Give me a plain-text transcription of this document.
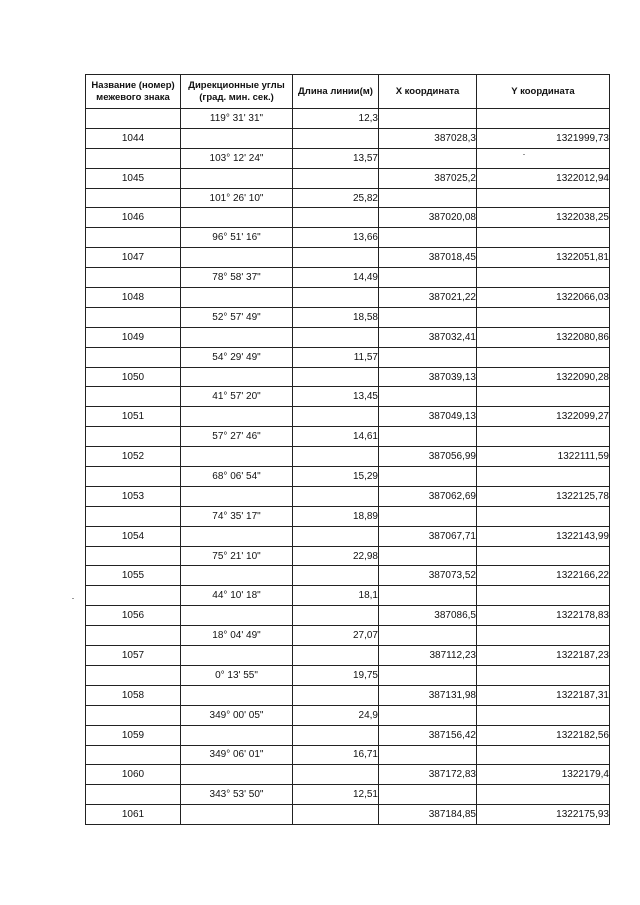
Название (номер) межевого знака	Дирекционные углы (град. мин. сек.)	Длина линии(м)	X координата	Y координата
	119° 31' 31"	12,3		
1044			387028,3	1321999,73
	103° 12' 24"	13,57		
1045			387025,2	1322012,94
	101° 26' 10"	25,82		
1046			387020,08	1322038,25
	96° 51' 16"	13,66		
1047			387018,45	1322051,81
	78° 58' 37"	14,49		
1048			387021,22	1322066,03
	52° 57' 49"	18,58		
1049			387032,41	1322080,86
	54° 29' 49"	11,57		
1050			387039,13	1322090,28
	41° 57' 20"	13,45		
1051			387049,13	1322099,27
	57° 27' 46"	14,61		
1052			387056,99	1322111,59
	68° 06' 54"	15,29		
1053			387062,69	1322125,78
	74° 35' 17"	18,89		
1054			387067,71	1322143,99
	75° 21' 10"	22,98		
1055			387073,52	1322166,22
	44° 10' 18"	18,1		
1056			387086,5	1322178,83
	18° 04' 49"	27,07		
1057			387112,23	1322187,23
	0° 13' 55"	19,75		
1058			387131,98	1322187,31
	349° 00' 05"	24,9		
1059			387156,42	1322182,56
	349° 06' 01"	16,71		
1060			387172,83	1322179,4
	343° 53' 50"	12,51		
1061			387184,85	1322175,93
